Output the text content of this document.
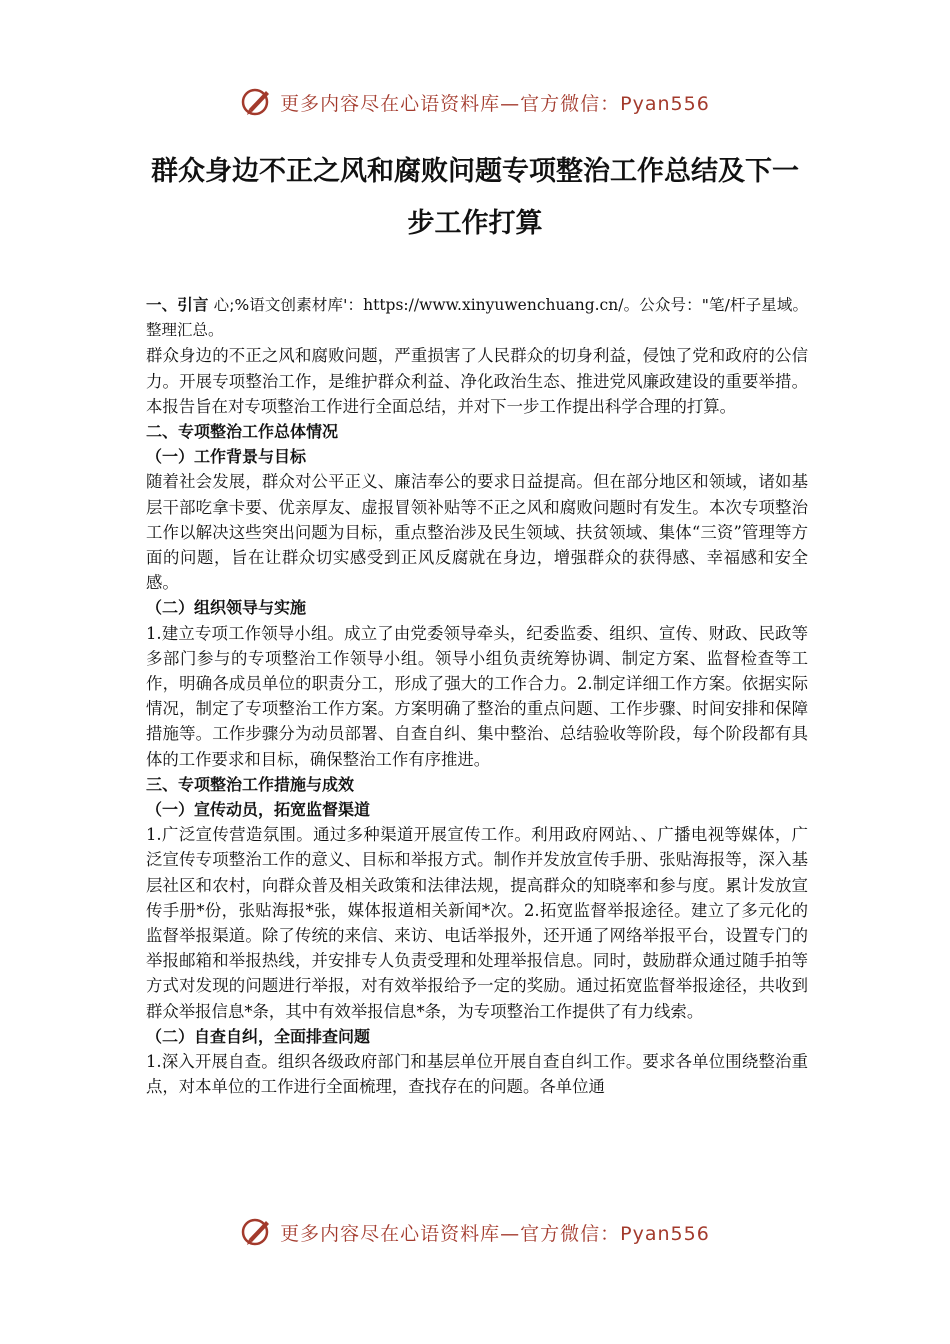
更多内容尽在心语资料库—官方微信：Pyan556
群众身边不正之风和腐败问题专项整治工作总结及下一步工作打算

一、引言 心;%语文创素材库'：https://www.xinyuwenchuang.cn/。公众号："笔/杆子星域。整理汇总。

群众身边的不正之风和腐败问题，严重损害了人民群众的切身利益，侵蚀了党和政府的公信力。开展专项整治工作，是维护群众利益、净化政治生态、推进党风廉政建设的重要举措。本报告旨在对专项整治工作进行全面总结，并对下一步工作提出科学合理的打算。

二、专项整治工作总体情况

（一）工作背景与目标

随着社会发展，群众对公平正义、廉洁奉公的要求日益提高。但在部分地区和领域，诸如基层干部吃拿卡要、优亲厚友、虚报冒领补贴等不正之风和腐败问题时有发生。本次专项整治工作以解决这些突出问题为目标，重点整治涉及民生领域、扶贫领域、集体“三资”管理等方面的问题，旨在让群众切实感受到正风反腐就在身边，增强群众的获得感、幸福感和安全感。

（二）组织领导与实施

1.建立专项工作领导小组。成立了由党委领导牵头，纪委监委、组织、宣传、财政、民政等多部门参与的专项整治工作领导小组。领导小组负责统筹协调、制定方案、监督检查等工作，明确各成员单位的职责分工，形成了强大的工作合力。2.制定详细工作方案。依据实际情况，制定了专项整治工作方案。方案明确了整治的重点问题、工作步骤、时间安排和保障措施等。工作步骤分为动员部署、自查自纠、集中整治、总结验收等阶段，每个阶段都有具体的工作要求和目标，确保整治工作有序推进。

三、专项整治工作措施与成效

（一）宣传动员，拓宽监督渠道

1.广泛宣传营造氛围。通过多种渠道开展宣传工作。利用政府网站、、广播电视等媒体，广泛宣传专项整治工作的意义、目标和举报方式。制作并发放宣传手册、张贴海报等，深入基层社区和农村，向群众普及相关政策和法律法规，提高群众的知晓率和参与度。累计发放宣传手册*份，张贴海报*张，媒体报道相关新闻*次。2.拓宽监督举报途径。建立了多元化的监督举报渠道。除了传统的来信、来访、电话举报外，还开通了网络举报平台，设置专门的举报邮箱和举报热线，并安排专人负责受理和处理举报信息。同时，鼓励群众通过随手拍等方式对发现的问题进行举报，对有效举报给予一定的奖励。通过拓宽监督举报途径，共收到群众举报信息*条，其中有效举报信息*条，为专项整治工作提供了有力线索。

（二）自查自纠，全面排查问题

1.深入开展自查。组织各级政府部门和基层单位开展自查自纠工作。要求各单位围绕整治重点，对本单位的工作进行全面梳理，查找存在的问题。各单位通

更多内容尽在心语资料库—官方微信：Pyan556
